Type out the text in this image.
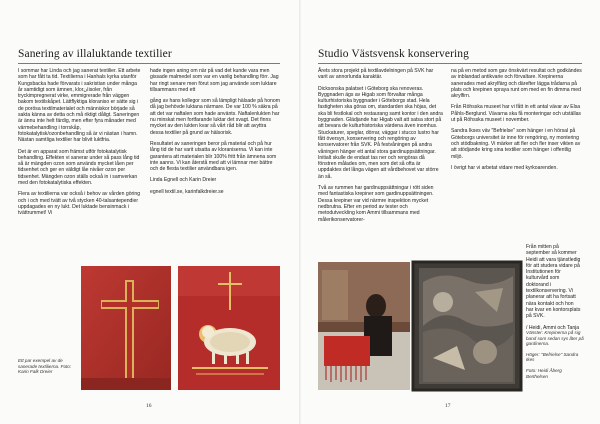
Sanering av illaluktande textilier

I sommar har Linda och jag sanerat textilier. Ett arbete som har fått ta tid. Textilierna i Hanhals kyrka utanför Kungsbacka hade förvarats i sakristian under många år samtidigt som ämnen, klorانisoler, från tryckimpregnerat virke, emmigrerade från väggen bakom textilskåpet. Lättflyktiga kloraniso er sätte sig i de porösa textilmaterialet och människor började så sakta känna av detta och må riktigt dåligt. Saneringen är ännu inte helt färdig, men efter fyra månader med värmebehandling i torrskåp, fotokatalytisk/ozonbehandling så är vi nästan i hamn. Nästan samtliga textilier har blivit luktfria.

Det är en apparat som främst utför fotokatalytisk behandling. Effekten vi sanerar under så pass lång tid så är mängden ozon som används mycket låen per tidsenhet och ger en väldigt låe nivåer ozon per tidsenhet. Mängden ozon ställs också in i samverkan med den fotokatalytiska effekten.

Flera av textilierna var också i behov av vården göring och i och med tvätt av två stycken 40-talsantependier uppdagades en ny lukt. Det luktade bensinmack i tvättrummet! Vi

hade ingen aning om när på vad det kunde vara men gissade malmedel som var en vanlig behandling förr. Jag har ringt senare men förut som jag använde som luktare tillsammans med ett

gång av hans kollegor som så lämpligt hälsade på honom då jag behövde luktana närmare. De var 100 % säkra på att det var naftalen som hade använts. Naftalenlukten har nu minskat men fortfarande luktar det svagt. Det finns mycket av den lukten kvar så vårt råd blir att avyttra dessa textilier på grund av hälsorisk.

Resultatet av saneringen beror på material och på hur lång tid de har varit utsatta av kloraniserna. Vi kan inte garantera att materialen blir 100% fritt från ämnena som inte aanns. Vi kan återstå med att vi lämnar mer bättre och de flesta textilier användbara igen.

Linda Egnell och Karin Dreier

egnell textil.se, karinfalkdreier.se

Ett par exempel av de sanerade textilierna. Foto: Karin Falk Dreier

16
Studio Västsvensk konservering

Årets stora projekt på textilavdelningen på SVK har varit av annorlunda karaktär.

Dicksonska palatset i Göteborg ska renoveras. Byggnaden ägs av Higab som förvaltar många kulturhistoriska byggnader i Göteborgs stad. Hela fastigheten ska göras om, standarden ska höjas, det ska bli festlokal och restaurang samt kontor i den andra byggnaden. Glädjande har Higab valt att satsa stort på att bevara de kulturhistoriska värdena även inomhus. Stuckaturer, speglar, dörrar, väggar i stucco lustro har fått översyn, konservering och rengöring av konservatorer från SVK. På festvåningen på andra våningen hänger ett antal stora gardinuppsättningar. Initialt skulle de endast tas ner och rengöras då fönstren målades om, men som det så ofta är uppdaktes det långa vägen att vårdbehovet var större än så.

Två av rummen har gardinuppsättningar i rött siden med fantastiska krepiner som gardinuppsättningen. Dessa krepiner var vid närmre inspektion mycket nedbrutna. Efter en period av tester och metodutveckling kom Ammi tillsammans med målerikonservatorer-

na på en metod som gav önskvärt resultat och godkändes av inblandad antikvarie och förvaltare. Krepinerna sanerades med akrylfärg och därefter lägga trådarna på plats och krepinen spraya runt om med en fin dimma med akrylfirn.

Från Röhsska museet har vi fått in ett antal vävar av Elsa Påhls-Berglund. Vävarna ska få monteringar och utställas ut på Röhsska museet i november.

Sandra Ikses väv "Befrielse" som hänger i en hörsal på Göteborgs universitet är inne för rengöring, ny montering och stödbakning. Vi märker att fler och fler inser vikten av att stödjande kring sina textilier som hänger i offentlig miljö.

I övrigt har vi arbetat vidare med kyrkoarenden.

Från mitten på september så kommer Heidi att vara tjänstledig för att studera vidare på Institutionen för kulturvård som doktorand i textilkonservering. Vi planerar att ha fortsatt nära kontakt och hon har kvar en kontorsplats på SVK.

/ Heidi, Ammi och Tanja

Vänster: Krepinerna på sig band som sedan sys åter på gardinerna.

Höger: "Befrielse" Sandra Ikes

Foto: Heidi Åberg Berthelsen

17
